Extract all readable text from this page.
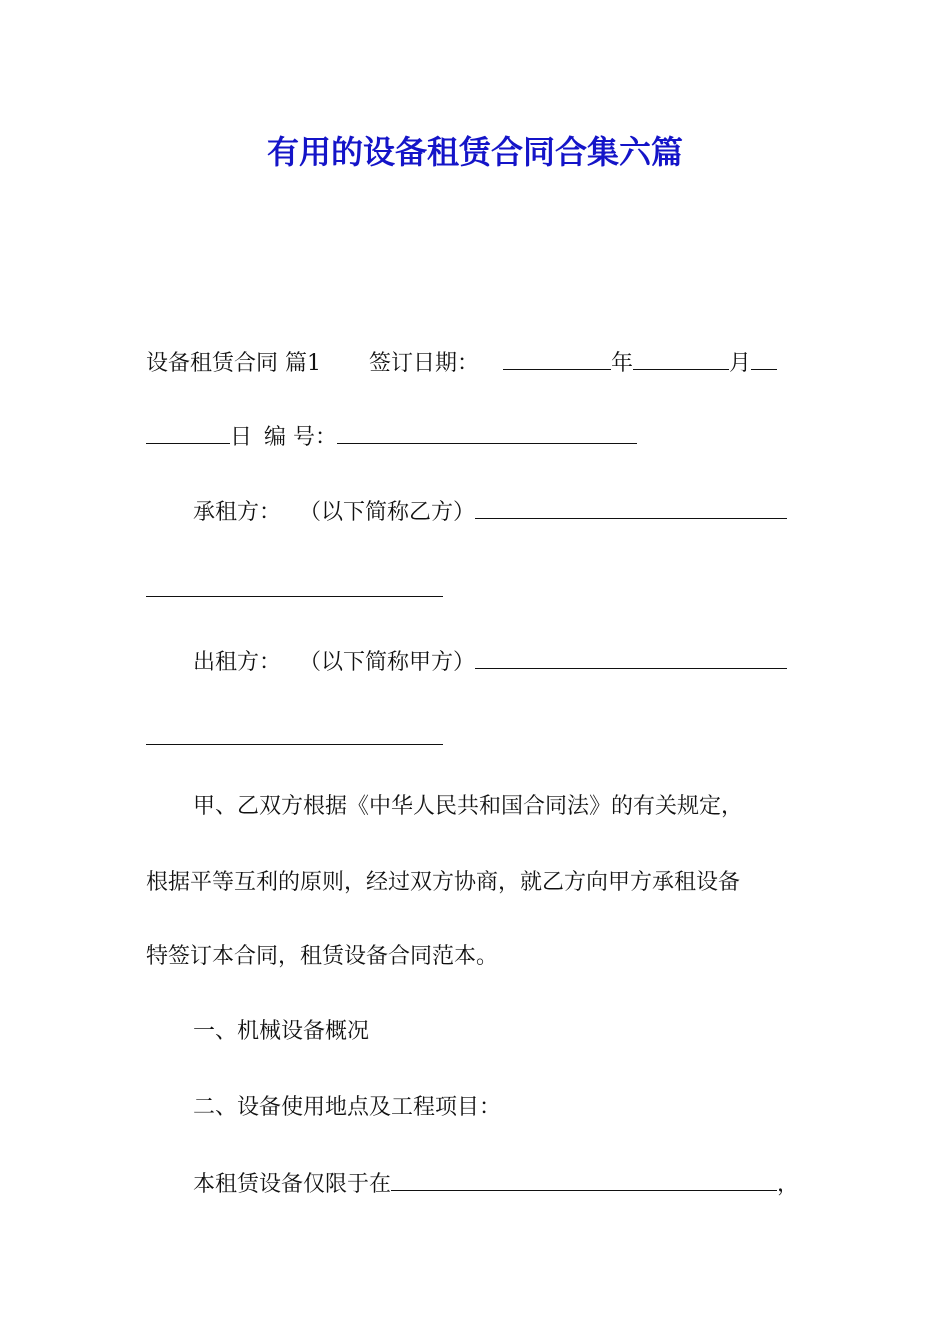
有用的设备租赁合同合集六篇
设备租赁合同 篇1 签订日期：	年	月
日 编 号：
承租方： （以下简称乙方）
出租方： （以下简称甲方）
甲、乙双方根据《中华人民共和国合同法》的有关规定，
根据平等互利的原则，经过双方协商，就乙方向甲方承租设备
特签订本合同，租赁设备合同范本。
一、机械设备概况
二、设备使用地点及工程项目：
本租赁设备仅限于在	，
